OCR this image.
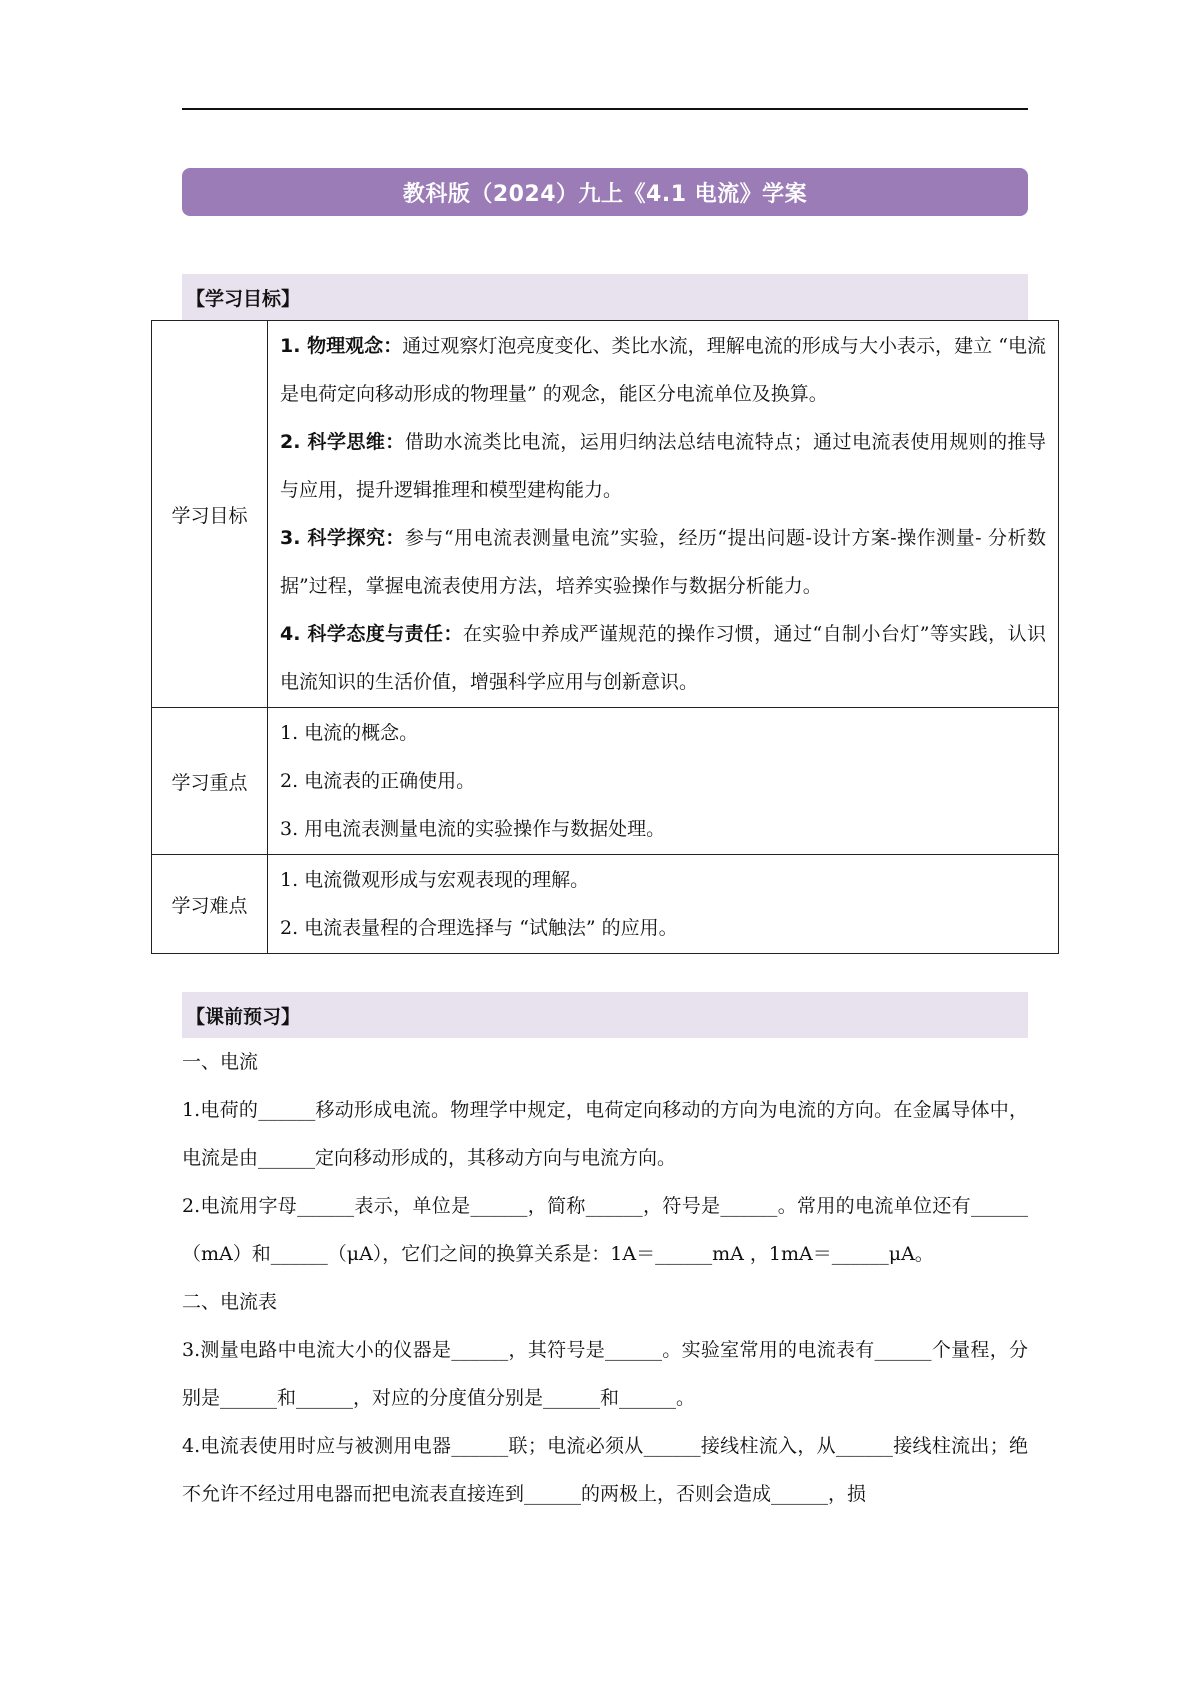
教科版（2024）九上《4.1 电流》学案
【学习目标】
学习目标	1. 物理观念：通过观察灯泡亮度变化、类比水流，理解电流的形成与大小表示，建立 “电流是电荷定向移动形成的物理量” 的观念，能区分电流单位及换算。
2. 科学思维：借助水流类比电流，运用归纳法总结电流特点；通过电流表使用规则的推导与应用，提升逻辑推理和模型建构能力。
3. 科学探究：参与“用电流表测量电流”实验，经历“提出问题-设计方案-操作测量- 分析数据”过程，掌握电流表使用方法，培养实验操作与数据分析能力。
4. 科学态度与责任：在实验中养成严谨规范的操作习惯，通过“自制小台灯”等实践，认识电流知识的生活价值，增强科学应用与创新意识。

学习重点	1. 电流的概念。

2. 电流表的正确使用。

3. 用电流表测量电流的实验操作与数据处理。

学习难点	1. 电流微观形成与宏观表现的理解。

2. 电流表量程的合理选择与 “试触法” 的应用。

【课前预习】

一、电流

1.电荷的______移动形成电流。物理学中规定，电荷定向移动的方向为电流的方向。在金属导体中，电流是由______定向移动形成的，其移动方向与电流方向。

2.电流用字母______表示，单位是______，简称______，符号是______。常用的电流单位还有______（mA）和______（μA），它们之间的换算关系是：1A＝______mA ，1mA＝______μA。

二、电流表

3.测量电路中电流大小的仪器是______，其符号是______。实验室常用的电流表有______个量程，分别是______和______，对应的分度值分别是______和______。

4.电流表使用时应与被测用电器______联；电流必须从______接线柱流入，从______接线柱流出；绝不允许不经过用电器而把电流表直接连到______的两极上，否则会造成______，损
